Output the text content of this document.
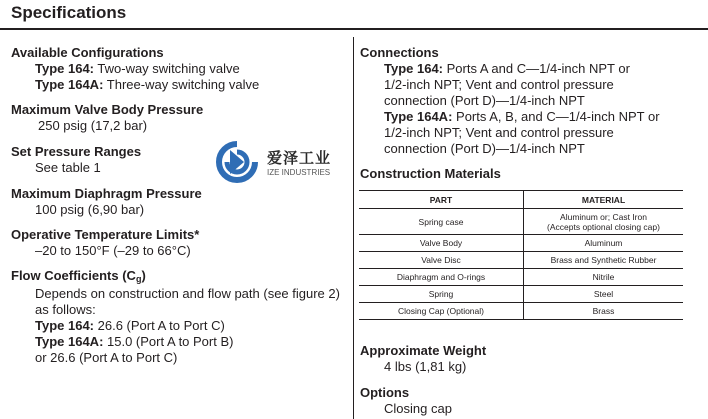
Specifications
Available Configurations
Type 164: Two-way switching valve
Type 164A: Three-way switching valve
Maximum Valve Body Pressure
250 psig (17,2 bar)
Set Pressure Ranges
See table 1
Maximum Diaphragm Pressure
100 psig (6,90 bar)
Operative Temperature Limits*
–20 to 150°F (–29 to 66°C)
Flow Coefficients $(C_g)$
Depends on construction and flow path (see figure 2)
as follows:
Type 164: 26.6 (Port A to Port C)
Type 164A: 15.0 (Port A to Port B)
or 26.6 (Port A to Port C)
爱泽工业
IZE INDUSTRIES
Connections
Type 164: Ports A and C—1/4-inch NPT or
1/2-inch NPT; Vent and control pressure
connection (Port D)—1/4-inch NPT
Type 164A: Ports A, B, and C—1/4-inch NPT or
1/2-inch NPT; Vent and control pressure
connection (Port D)—1/4-inch NPT
Construction Materials
PART	MATERIAL
Spring case	Aluminum or; Cast Iron
(Accepts optional closing cap)

Valve Body	Aluminum
Valve Disc	Brass and Synthetic Rubber
Diaphragm and O-rings	Nitrile
Spring	Steel
Closing Cap (Optional)	Brass
Approximate Weight
4 lbs (1,81 kg)
Options
Closing cap
